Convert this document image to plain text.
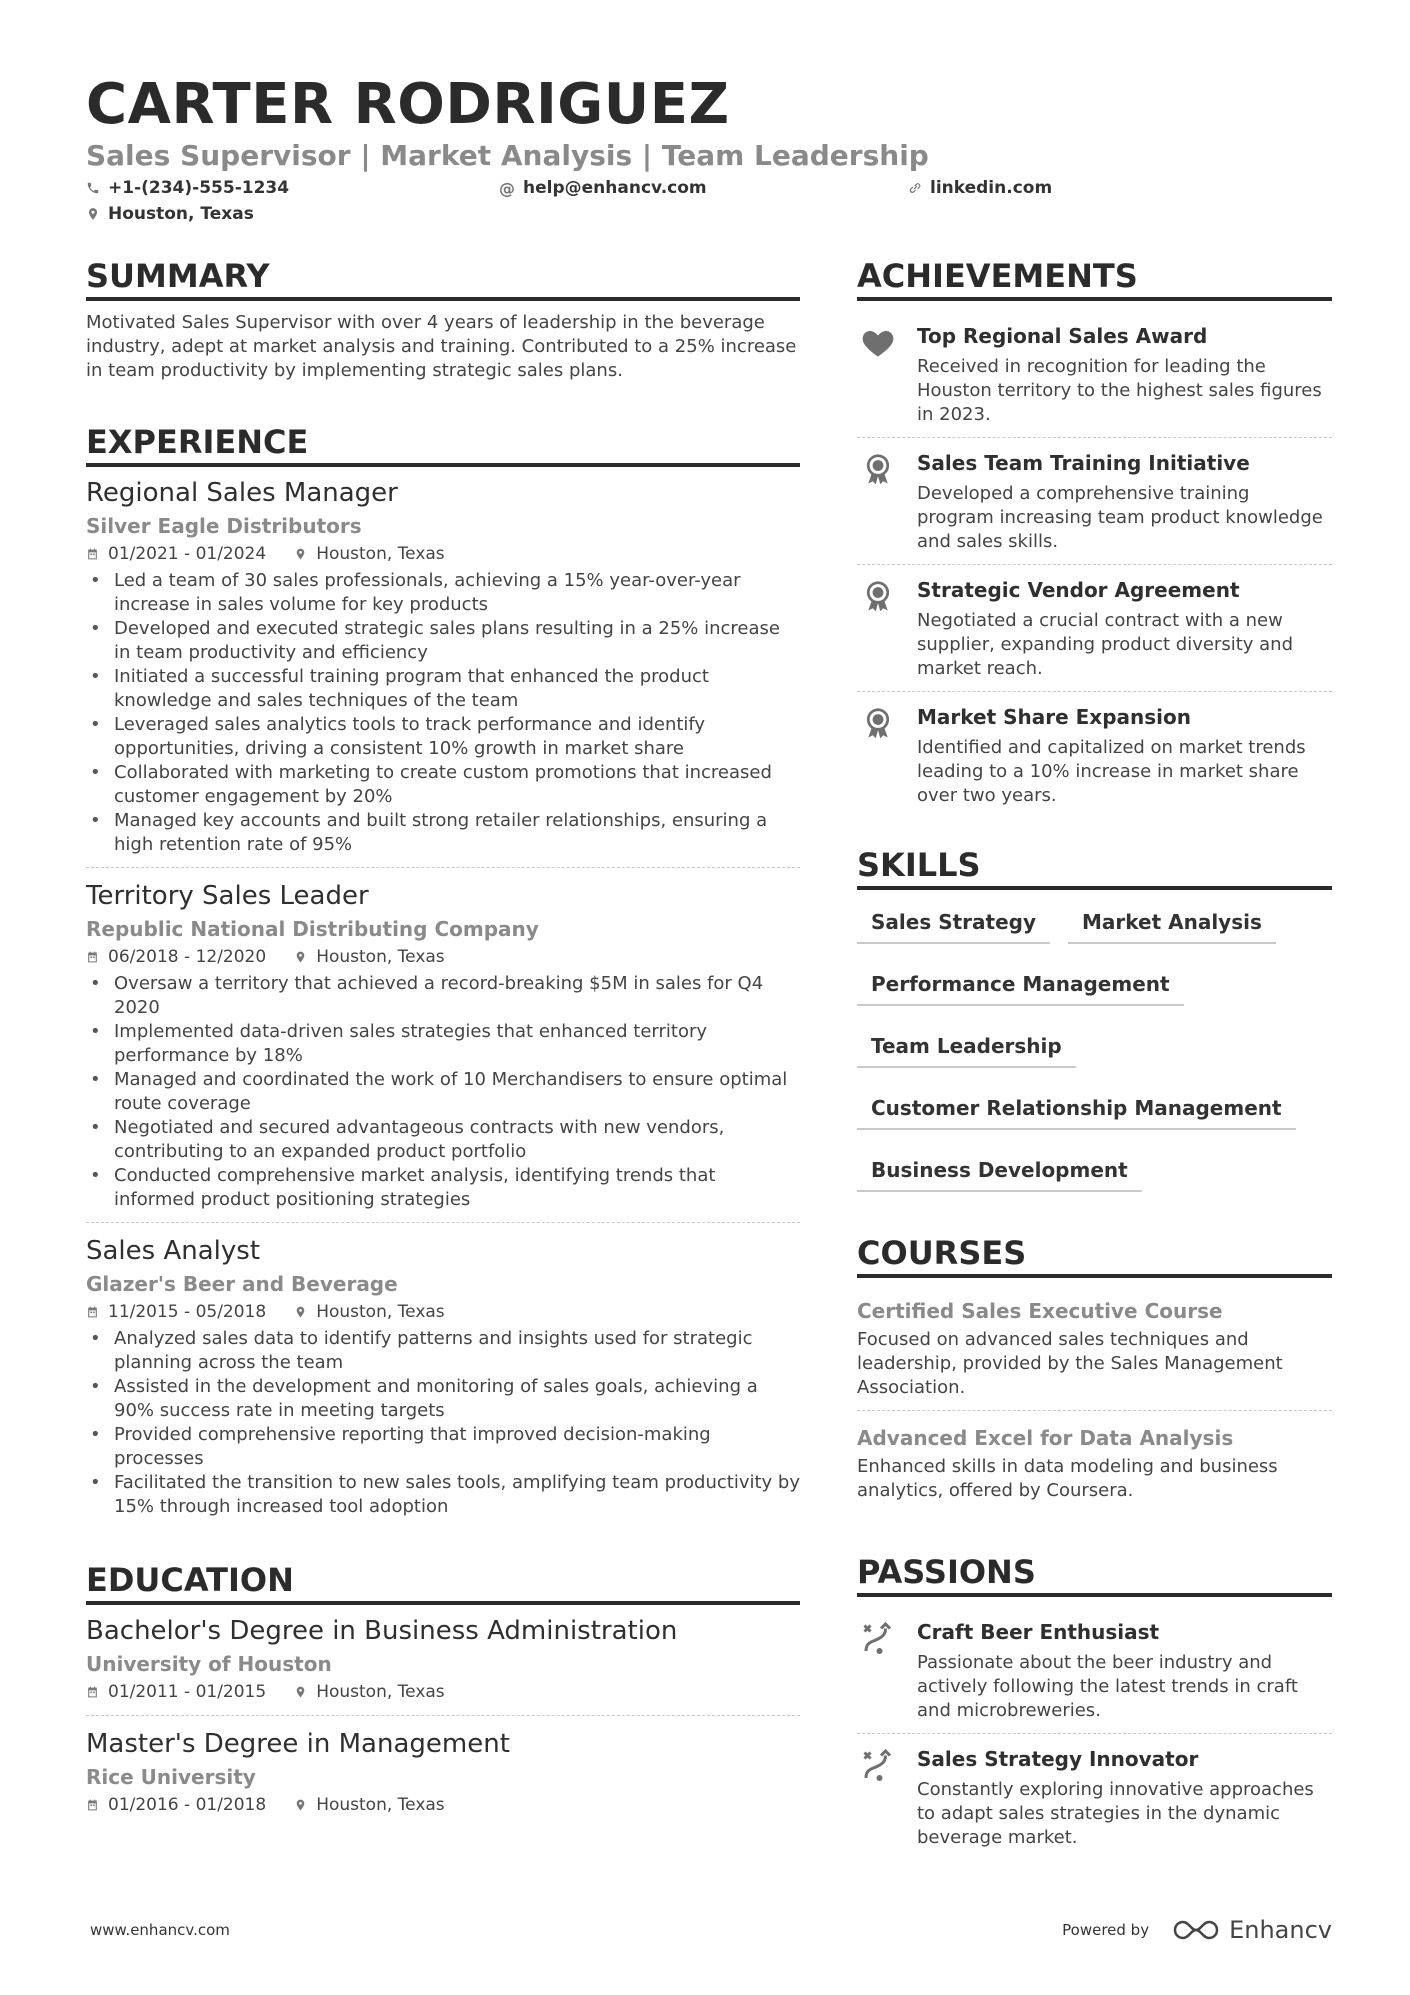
CARTER RODRIGUEZ
Sales Supervisor | Market Analysis | Team Leadership
+1-(234)-555-1234	@ help@enhancv.com	linkedin.com
Houston, Texas
SUMMARY
Motivated Sales Supervisor with over 4 years of leadership in the beverage industry, adept at market analysis and training. Contributed to a 25% increase in team productivity by implementing strategic sales plans.
EXPERIENCE
Regional Sales Manager
Silver Eagle Distributors
01/2021 - 01/2024	Houston, Texas
• Led a team of 30 sales professionals, achieving a 15% year-over-year increase in sales volume for key products
• Developed and executed strategic sales plans resulting in a 25% increase in team productivity and efficiency
• Initiated a successful training program that enhanced the product knowledge and sales techniques of the team
• Leveraged sales analytics tools to track performance and identify opportunities, driving a consistent 10% growth in market share
• Collaborated with marketing to create custom promotions that increased customer engagement by 20%
• Managed key accounts and built strong retailer relationships, ensuring a high retention rate of 95%
Territory Sales Leader
Republic National Distributing Company
06/2018 - 12/2020	Houston, Texas
• Oversaw a territory that achieved a record-breaking $5M in sales for Q4 2020
• Implemented data-driven sales strategies that enhanced territory performance by 18%
• Managed and coordinated the work of 10 Merchandisers to ensure optimal route coverage
• Negotiated and secured advantageous contracts with new vendors, contributing to an expanded product portfolio
• Conducted comprehensive market analysis, identifying trends that informed product positioning strategies
Sales Analyst
Glazer's Beer and Beverage
11/2015 - 05/2018	Houston, Texas
• Analyzed sales data to identify patterns and insights used for strategic planning across the team
• Assisted in the development and monitoring of sales goals, achieving a 90% success rate in meeting targets
• Provided comprehensive reporting that improved decision-making processes
• Facilitated the transition to new sales tools, amplifying team productivity by 15% through increased tool adoption
EDUCATION
Bachelor's Degree in Business Administration
University of Houston
01/2011 - 01/2015	Houston, Texas
Master's Degree in Management
Rice University
01/2016 - 01/2018	Houston, Texas
ACHIEVEMENTS
Top Regional Sales Award
Received in recognition for leading the Houston territory to the highest sales figures in 2023.
Sales Team Training Initiative
Developed a comprehensive training program increasing team product knowledge and sales skills.
Strategic Vendor Agreement
Negotiated a crucial contract with a new supplier, expanding product diversity and market reach.
Market Share Expansion
Identified and capitalized on market trends leading to a 10% increase in market share over two years.
SKILLS
Sales Strategy	Market Analysis
Performance Management
Team Leadership
Customer Relationship Management
Business Development
COURSES
Certified Sales Executive Course
Focused on advanced sales techniques and leadership, provided by the Sales Management Association.
Advanced Excel for Data Analysis
Enhanced skills in data modeling and business analytics, offered by Coursera.
PASSIONS
Craft Beer Enthusiast
Passionate about the beer industry and actively following the latest trends in craft and microbreweries.
Sales Strategy Innovator
Constantly exploring innovative approaches to adapt sales strategies in the dynamic beverage market.
www.enhancv.com	Powered by	Enhancv
